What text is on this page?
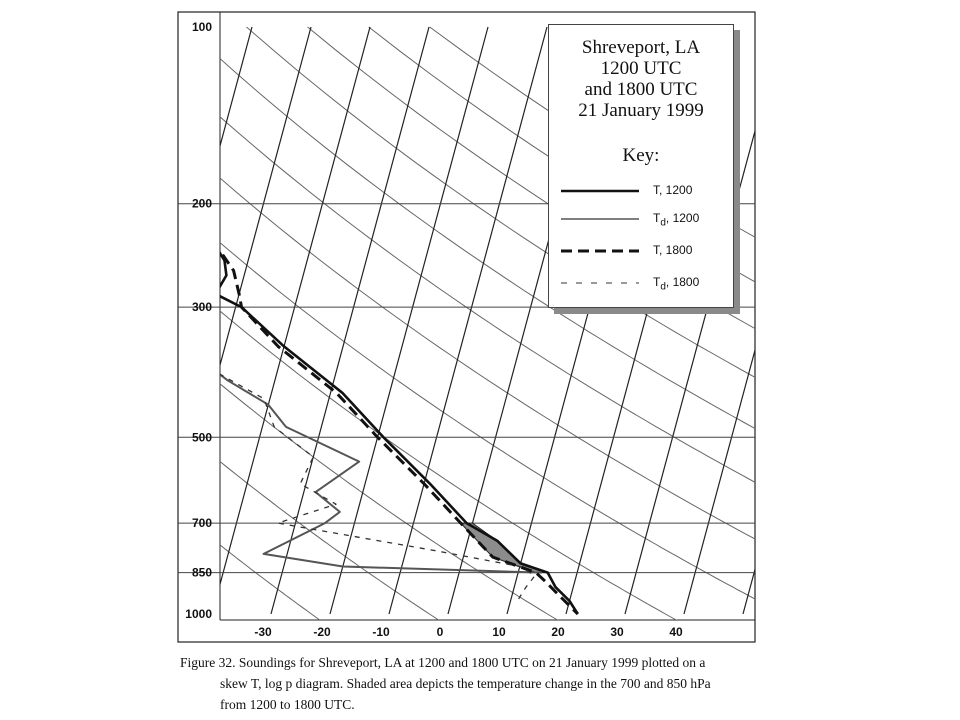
100
200
300
500
700
850
1000
-30	-20	-10	0	10	20	30	40
Shreveport, LA
1200 UTC
and 1800 UTC
21 January 1999
Key:
T, 1200
$T_d$, 1200
T, 1800
$T_d$, 1800
Figure 32. Soundings for Shreveport, LA at 1200 and 1800 UTC on 21 January 1999 plotted on a
skew T, log p diagram. Shaded area depicts the temperature change in the 700 and 850 hPa
from 1200 to 1800 UTC.
